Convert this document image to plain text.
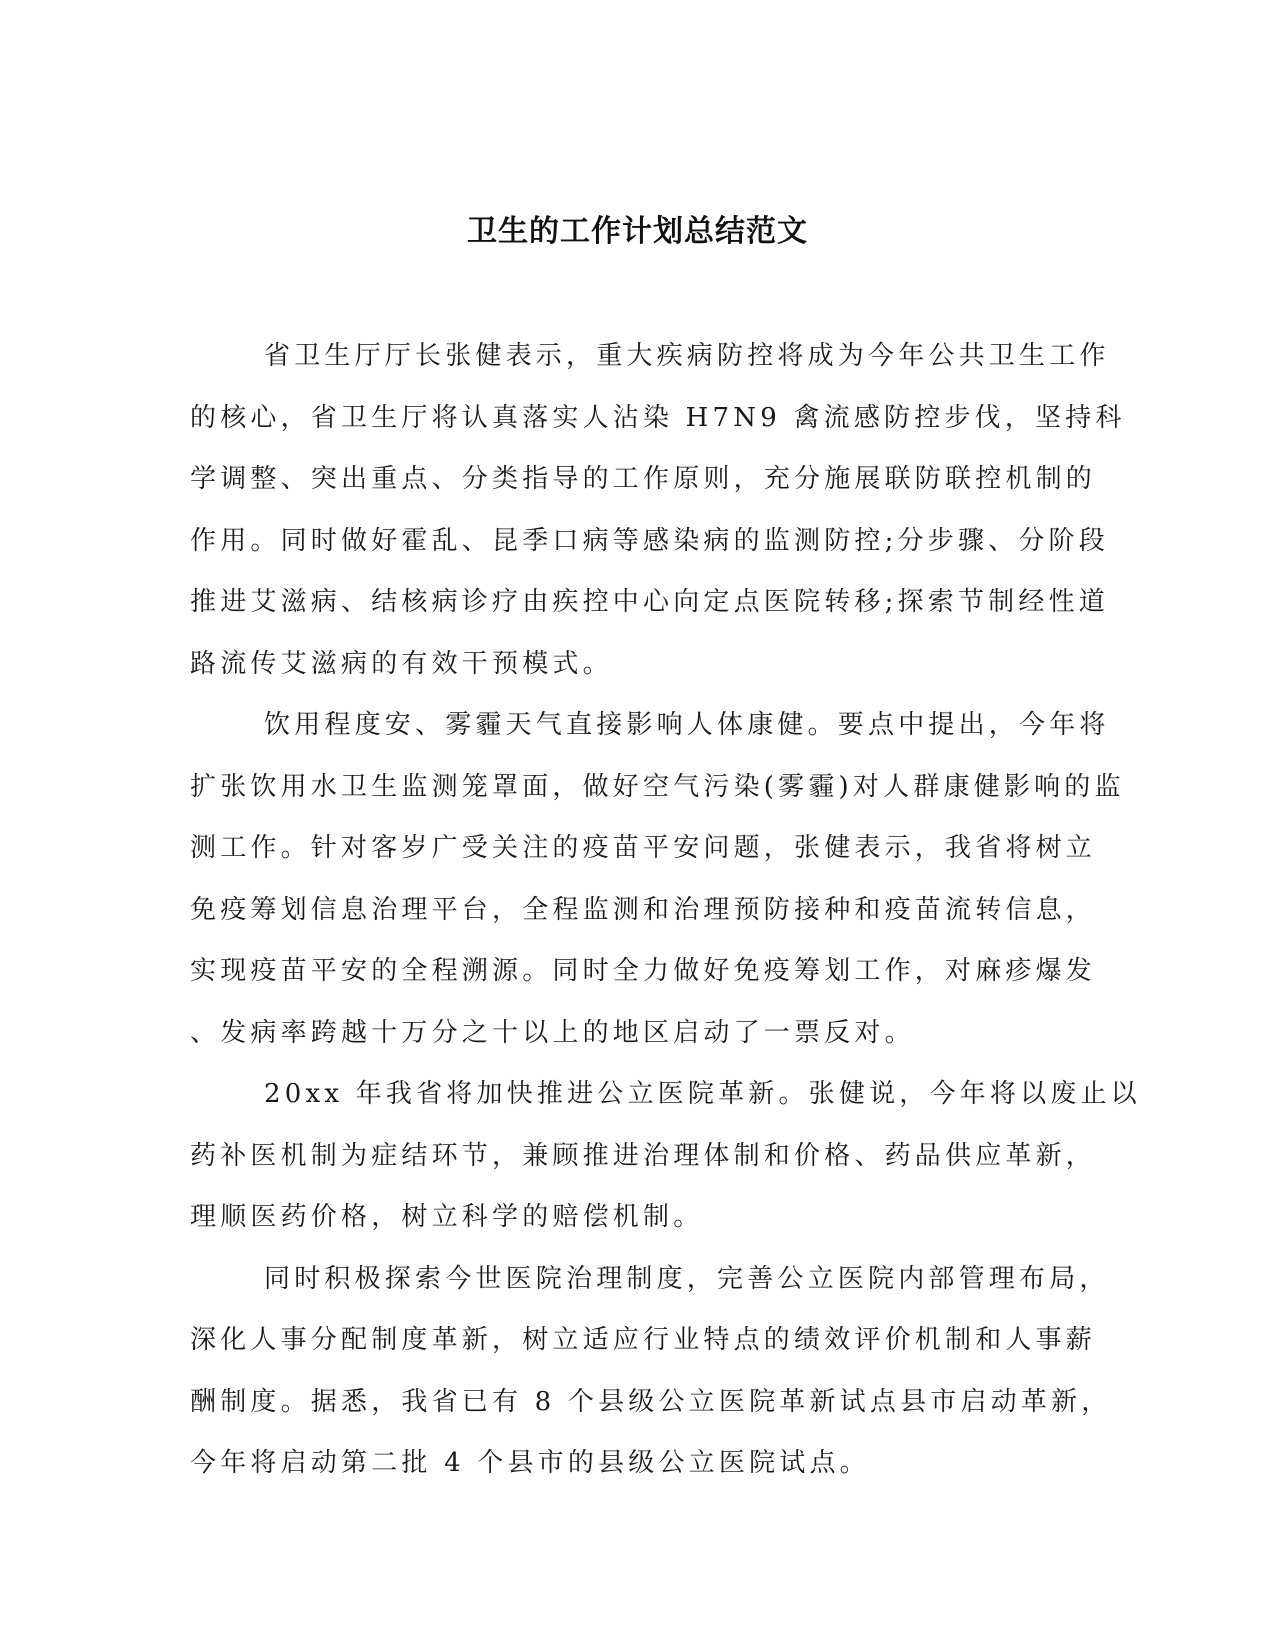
卫生的工作计划总结范文

省卫生厅厅长张健表示，重大疾病防控将成为今年公共卫生工作
的核心，省卫生厅将认真落实人沾染 H7N9 禽流感防控步伐，坚持科
学调整、突出重点、分类指导的工作原则，充分施展联防联控机制的
作用。同时做好霍乱、昆季口病等感染病的监测防控;分步骤、分阶段
推进艾滋病、结核病诊疗由疾控中心向定点医院转移;探索节制经性道
路流传艾滋病的有效干预模式。

饮用程度安、雾霾天气直接影响人体康健。要点中提出，今年将
扩张饮用水卫生监测笼罩面，做好空气污染(雾霾)对人群康健影响的监
测工作。针对客岁广受关注的疫苗平安问题，张健表示，我省将树立
免疫筹划信息治理平台，全程监测和治理预防接种和疫苗流转信息，
实现疫苗平安的全程溯源。同时全力做好免疫筹划工作，对麻疹爆发
、发病率跨越十万分之十以上的地区启动了一票反对。

20xx 年我省将加快推进公立医院革新。张健说，今年将以废止以
药补医机制为症结环节，兼顾推进治理体制和价格、药品供应革新，
理顺医药价格，树立科学的赔偿机制。

同时积极探索今世医院治理制度，完善公立医院内部管理布局，
深化人事分配制度革新，树立适应行业特点的绩效评价机制和人事薪
酬制度。据悉，我省已有 8 个县级公立医院革新试点县市启动革新，
今年将启动第二批 4 个县市的县级公立医院试点。
